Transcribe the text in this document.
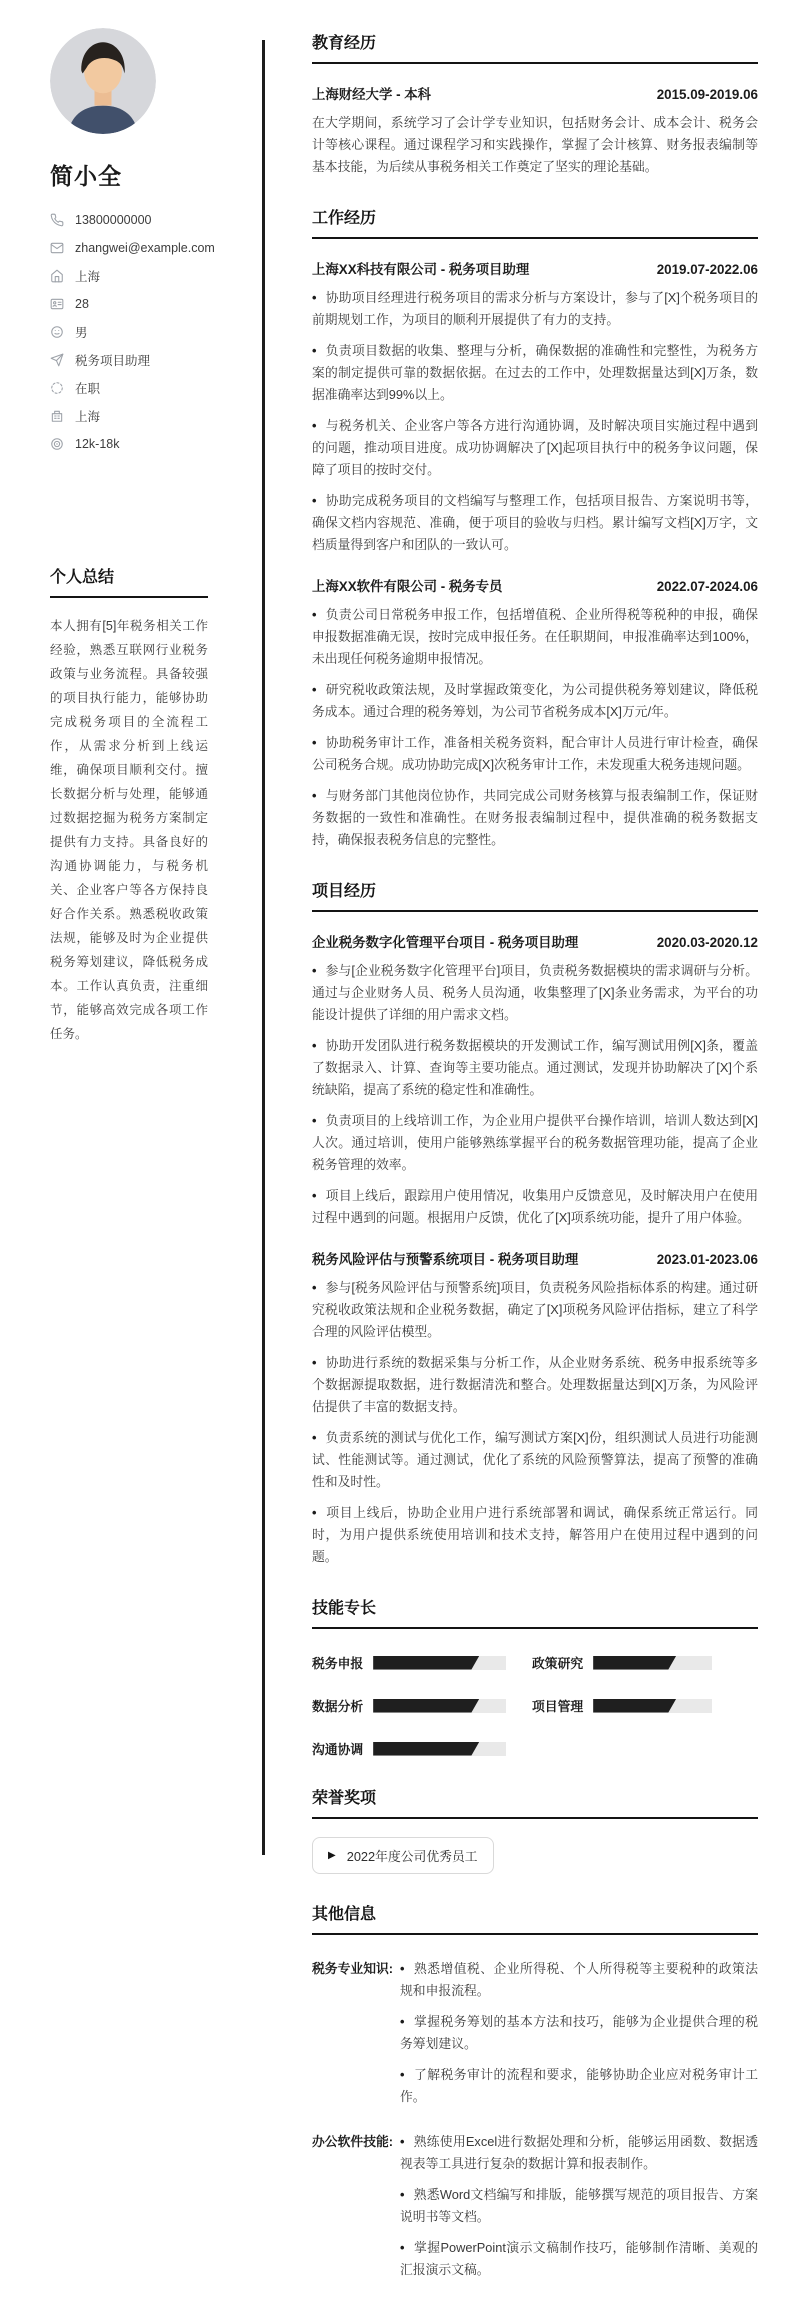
简小全
13800000000
zhangwei@example.com
上海
28
男
税务项目助理
在职
上海
12k-18k
个人总结

本人拥有[5]年税务相关工作经验，熟悉互联网行业税务政策与业务流程。具备较强的项目执行能力，能够协助完成税务项目的全流程工作，从需求分析到上线运维，确保项目顺利交付。擅长数据分析与处理，能够通过数据挖掘为税务方案制定提供有力支持。具备良好的沟通协调能力，与税务机关、企业客户等各方保持良好合作关系。熟悉税收政策法规，能够及时为企业提供税务筹划建议，降低税务成本。工作认真负责，注重细节，能够高效完成各项工作任务。

教育经历
上海财经大学 - 本科	2015.09-2019.06

在大学期间，系统学习了会计学专业知识，包括财务会计、成本会计、税务会计等核心课程。通过课程学习和实践操作，掌握了会计核算、财务报表编制等基本技能，为后续从事税务相关工作奠定了坚实的理论基础。

工作经历
上海XX科技有限公司 - 税务项目助理	2019.07-2022.06

• 协助项目经理进行税务项目的需求分析与方案设计，参与了[X]个税务项目的前期规划工作，为项目的顺利开展提供了有力的支持。

• 负责项目数据的收集、整理与分析，确保数据的准确性和完整性，为税务方案的制定提供可靠的数据依据。在过去的工作中，处理数据量达到[X]万条，数据准确率达到99%以上。

• 与税务机关、企业客户等各方进行沟通协调，及时解决项目实施过程中遇到的问题，推动项目进度。成功协调解决了[X]起项目执行中的税务争议问题，保障了项目的按时交付。

• 协助完成税务项目的文档编写与整理工作，包括项目报告、方案说明书等，确保文档内容规范、准确，便于项目的验收与归档。累计编写文档[X]万字，文档质量得到客户和团队的一致认可。

上海XX软件有限公司 - 税务专员	2022.07-2024.06

• 负责公司日常税务申报工作，包括增值税、企业所得税等税种的申报，确保申报数据准确无误，按时完成申报任务。在任职期间，申报准确率达到100%，未出现任何税务逾期申报情况。

• 研究税收政策法规，及时掌握政策变化，为公司提供税务筹划建议，降低税务成本。通过合理的税务筹划，为公司节省税务成本[X]万元/年。

• 协助税务审计工作，准备相关税务资料，配合审计人员进行审计检查，确保公司税务合规。成功协助完成[X]次税务审计工作，未发现重大税务违规问题。

• 与财务部门其他岗位协作，共同完成公司财务核算与报表编制工作，保证财务数据的一致性和准确性。在财务报表编制过程中，提供准确的税务数据支持，确保报表税务信息的完整性。

项目经历
企业税务数字化管理平台项目 - 税务项目助理	2020.03-2020.12

• 参与[企业税务数字化管理平台]项目，负责税务数据模块的需求调研与分析。通过与企业财务人员、税务人员沟通，收集整理了[X]条业务需求，为平台的功能设计提供了详细的用户需求文档。

• 协助开发团队进行税务数据模块的开发测试工作，编写测试用例[X]条，覆盖了数据录入、计算、查询等主要功能点。通过测试，发现并协助解决了[X]个系统缺陷，提高了系统的稳定性和准确性。

• 负责项目的上线培训工作，为企业用户提供平台操作培训，培训人数达到[X]人次。通过培训，使用户能够熟练掌握平台的税务数据管理功能，提高了企业税务管理的效率。

• 项目上线后，跟踪用户使用情况，收集用户反馈意见，及时解决用户在使用过程中遇到的问题。根据用户反馈，优化了[X]项系统功能，提升了用户体验。

税务风险评估与预警系统项目 - 税务项目助理	2023.01-2023.06

• 参与[税务风险评估与预警系统]项目，负责税务风险指标体系的构建。通过研究税收政策法规和企业税务数据，确定了[X]项税务风险评估指标，建立了科学合理的风险评估模型。

• 协助进行系统的数据采集与分析工作，从企业财务系统、税务申报系统等多个数据源提取数据，进行数据清洗和整合。处理数据量达到[X]万条，为风险评估提供了丰富的数据支持。

• 负责系统的测试与优化工作，编写测试方案[X]份，组织测试人员进行功能测试、性能测试等。通过测试，优化了系统的风险预警算法，提高了预警的准确性和及时性。

• 项目上线后，协助企业用户进行系统部署和调试，确保系统正常运行。同时，为用户提供系统使用培训和技术支持，解答用户在使用过程中遇到的问题。

技能专长
税务申报	政策研究
数据分析	项目管理
沟通协调
荣誉奖项
▶ 2022年度公司优秀员工
其他信息
税务专业知识:	• 熟悉增值税、企业所得税、个人所得税等主要税种的政策法规和申报流程。

• 掌握税务筹划的基本方法和技巧，能够为企业提供合理的税务筹划建议。

• 了解税务审计的流程和要求，能够协助企业应对税务审计工作。

办公软件技能:	• 熟练使用Excel进行数据处理和分析，能够运用函数、数据透视表等工具进行复杂的数据计算和报表制作。

• 熟悉Word文档编写和排版，能够撰写规范的项目报告、方案说明书等文档。

• 掌握PowerPoint演示文稿制作技巧，能够制作清晰、美观的汇报演示文稿。
